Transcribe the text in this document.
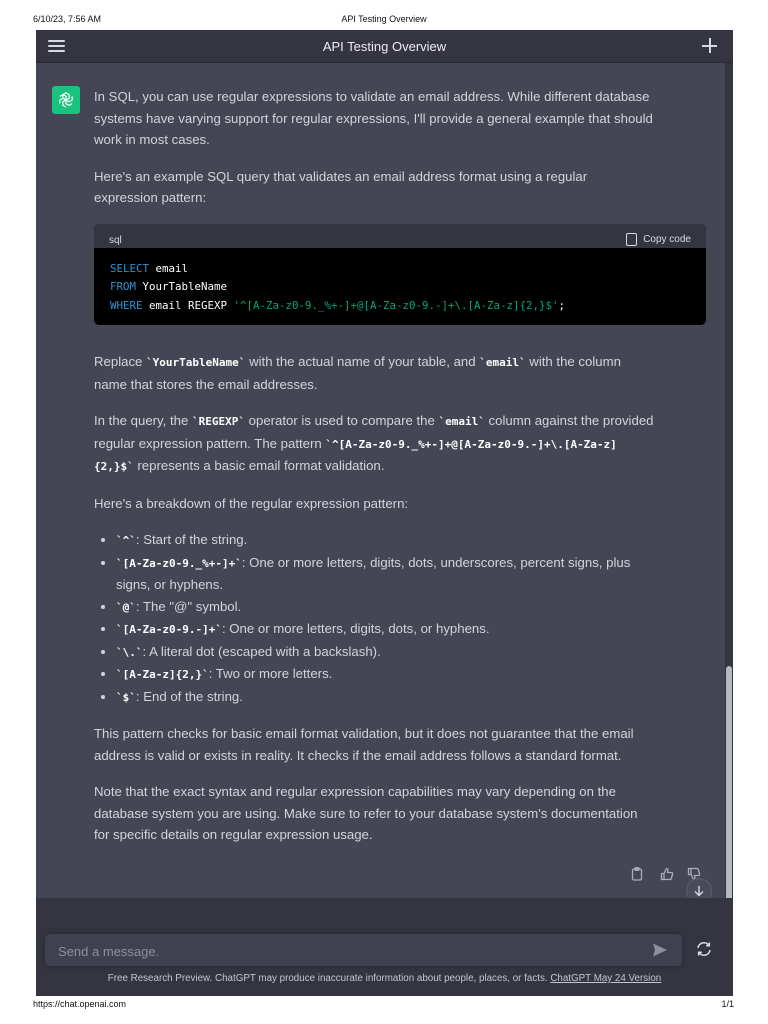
6/10/23, 7:56 AM	API Testing Overview
API Testing Overview

In SQL, you can use regular expressions to validate an email address. While different database systems have varying support for regular expressions, I'll provide a general example that should work in most cases.

Here's an example SQL query that validates an email address format using a regular expression pattern:

sql	Copy code
SELECT email
FROM YourTableName
WHERE email REGEXP '^[A-Za-z0-9._%+-]+@[A-Za-z0-9.-]+\.[A-Za-z]{2,}$';

Replace `YourTableName` with the actual name of your table, and `email` with the column name that stores the email addresses.

In the query, the `REGEXP` operator is used to compare the `email` column against the provided regular expression pattern. The pattern `^[A-Za-z0-9._%+-]+@[A-Za-z0-9.-]+\.[A-Za-z]{2,}$` represents a basic email format validation.

Here's a breakdown of the regular expression pattern:

• `^`: Start of the string.
• `[A-Za-z0-9._%+-]+`: One or more letters, digits, dots, underscores, percent signs, plus signs, or hyphens.
• `@`: The "@" symbol.
• `[A-Za-z0-9.-]+`: One or more letters, digits, dots, or hyphens.
• `\.`: A literal dot (escaped with a backslash).
• `[A-Za-z]{2,}`: Two or more letters.
• `$`: End of the string.

This pattern checks for basic email format validation, but it does not guarantee that the email address is valid or exists in reality. It checks if the email address follows a standard format.

Note that the exact syntax and regular expression capabilities may vary depending on the database system you are using. Make sure to refer to your database system's documentation for specific details on regular expression usage.

Send a message.
Free Research Preview. ChatGPT may produce inaccurate information about people, places, or facts. ChatGPT May 24 Version
https://chat.openai.com	1/1
